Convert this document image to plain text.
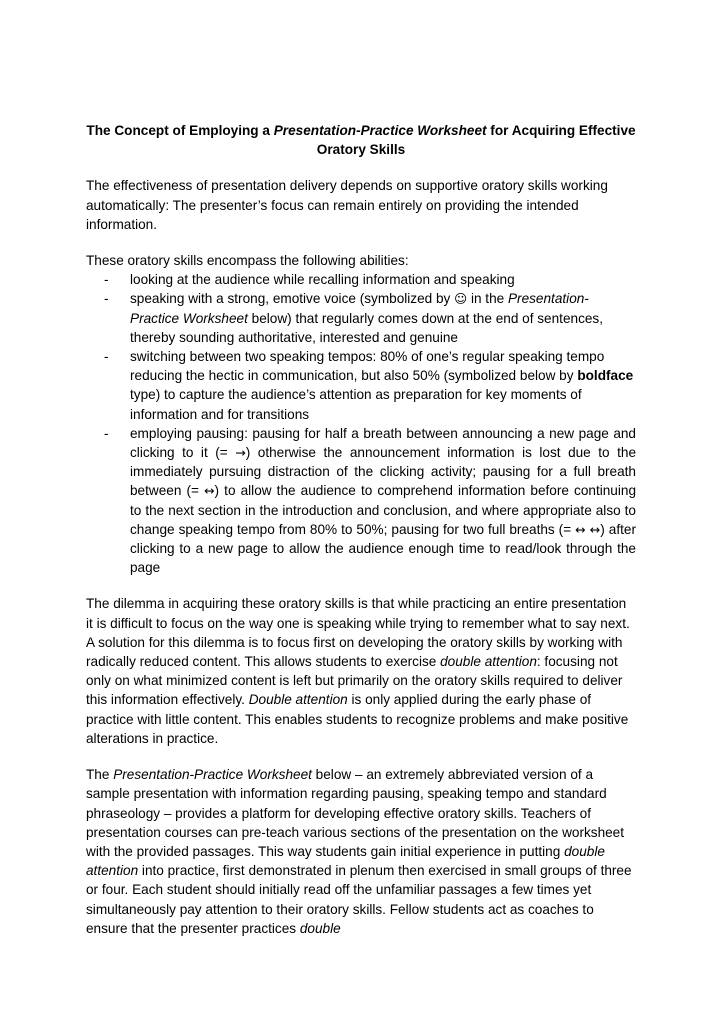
The Concept of Employing a Presentation-Practice Worksheet for Acquiring Effective Oratory Skills

The effectiveness of presentation delivery depends on supportive oratory skills working automatically: The presenter’s focus can remain entirely on providing the intended information.

These oratory skills encompass the following abilities:

- looking at the audience while recalling information and speaking
- speaking with a strong, emotive voice (symbolized by ☺ in the Presentation-Practice Worksheet below) that regularly comes down at the end of sentences, thereby sounding authoritative, interested and genuine
- switching between two speaking tempos: 80% of one’s regular speaking tempo reducing the hectic in communication, but also 50% (symbolized below by boldface type) to capture the audience’s attention as preparation for key moments of information and for transitions
- employing pausing: pausing for half a breath between announcing a new page and clicking to it (= →) otherwise the announcement information is lost due to the immediately pursuing distraction of the clicking activity; pausing for a full breath between (= ↔) to allow the audience to comprehend information before continuing to the next section in the introduction and conclusion, and where appropriate also to change speaking tempo from 80% to 50%; pausing for two full breaths (= ↔ ↔) after clicking to a new page to allow the audience enough time to read/look through the page

The dilemma in acquiring these oratory skills is that while practicing an entire presentation it is difficult to focus on the way one is speaking while trying to remember what to say next. A solution for this dilemma is to focus first on developing the oratory skills by working with radically reduced content. This allows students to exercise double attention: focusing not only on what minimized content is left but primarily on the oratory skills required to deliver this information effectively. Double attention is only applied during the early phase of practice with little content. This enables students to recognize problems and make positive alterations in practice.

The Presentation-Practice Worksheet below – an extremely abbreviated version of a sample presentation with information regarding pausing, speaking tempo and standard phraseology – provides a platform for developing effective oratory skills. Teachers of presentation courses can pre-teach various sections of the presentation on the worksheet with the provided passages. This way students gain initial experience in putting double attention into practice, first demonstrated in plenum then exercised in small groups of three or four. Each student should initially read off the unfamiliar passages a few times yet simultaneously pay attention to their oratory skills. Fellow students act as coaches to ensure that the presenter practices double
